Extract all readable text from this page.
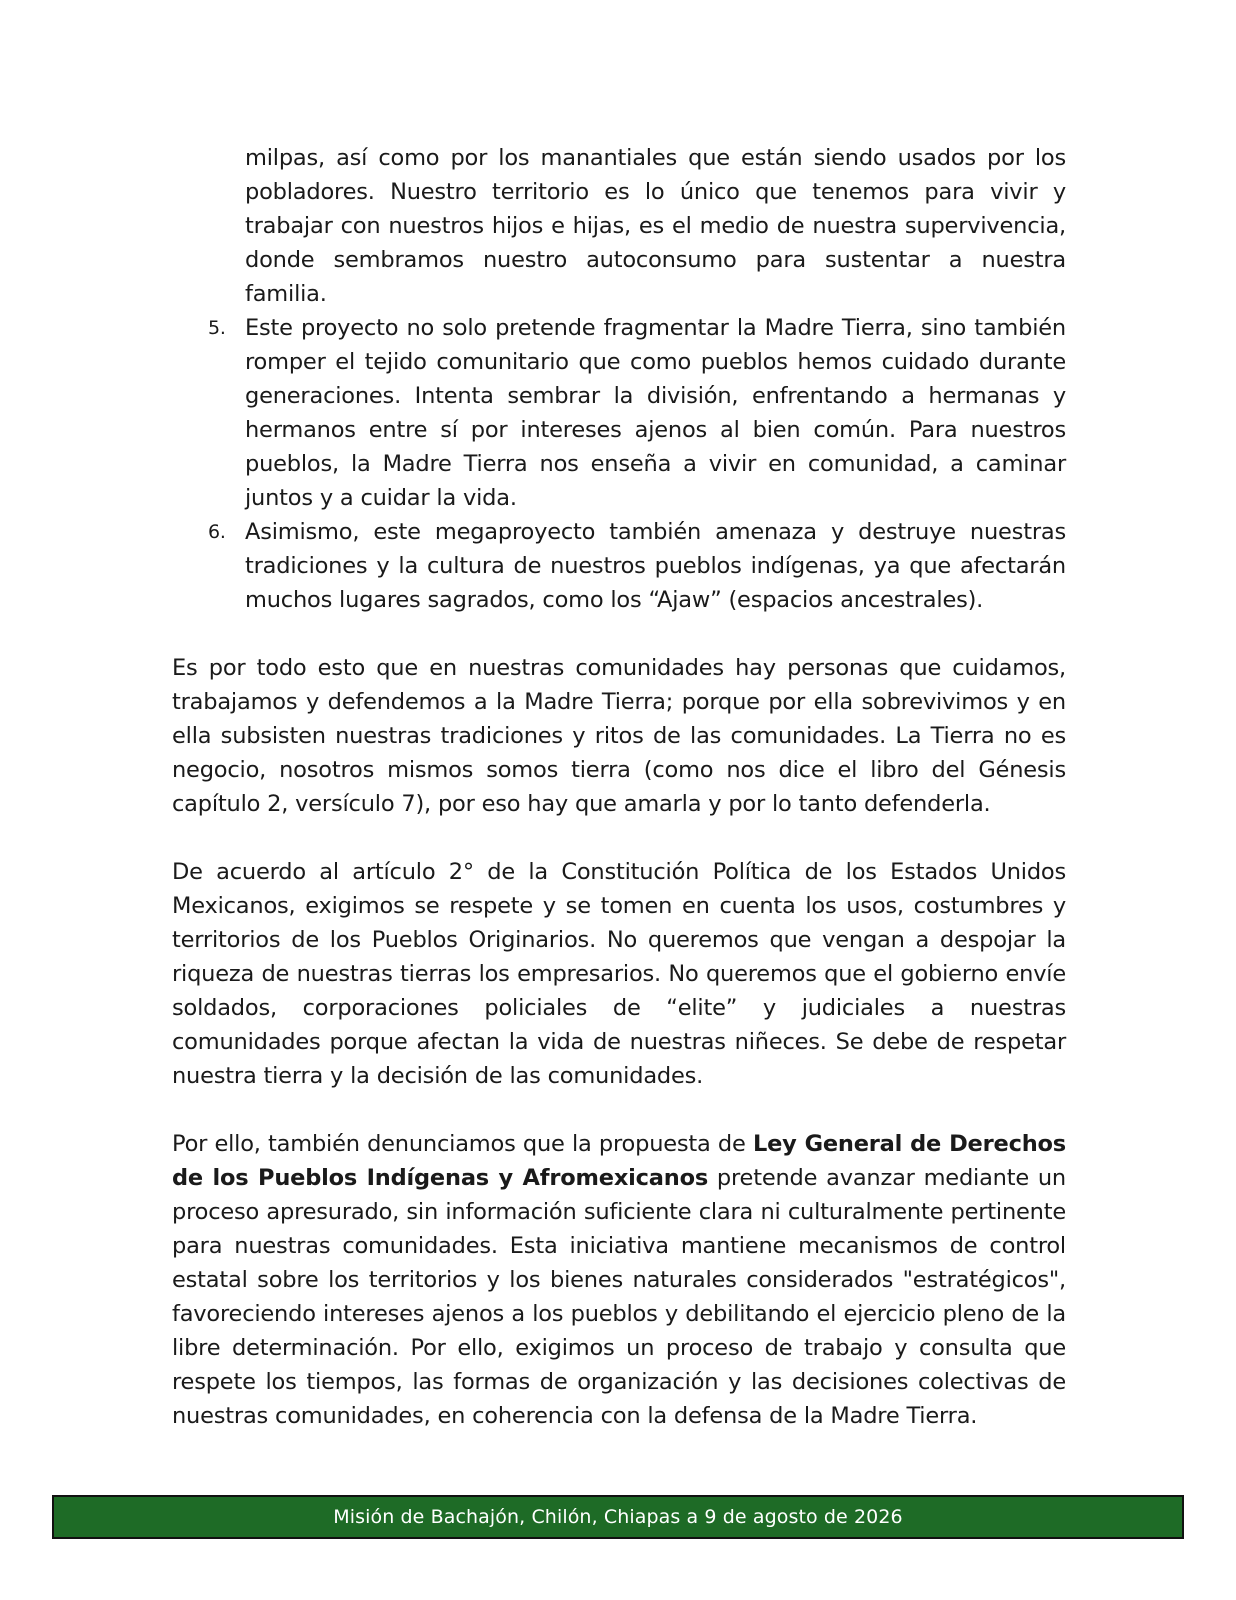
milpas, así como por los manantiales que están siendo usados por los pobladores. Nuestro territorio es lo único que tenemos para vivir y trabajar con nuestros hijos e hijas, es el medio de nuestra supervivencia, donde sembramos nuestro autoconsumo para sustentar a nuestra familia.

5. Este proyecto no solo pretende fragmentar la Madre Tierra, sino también romper el tejido comunitario que como pueblos hemos cuidado durante generaciones. Intenta sembrar la división, enfrentando a hermanas y hermanos entre sí por intereses ajenos al bien común. Para nuestros pueblos, la Madre Tierra nos enseña a vivir en comunidad, a caminar juntos y a cuidar la vida.

6. Asimismo, este megaproyecto también amenaza y destruye nuestras tradiciones y la cultura de nuestros pueblos indígenas, ya que afectarán muchos lugares sagrados, como los “Ajaw” (espacios ancestrales).

Es por todo esto que en nuestras comunidades hay personas que cuidamos, trabajamos y defendemos a la Madre Tierra; porque por ella sobrevivimos y en ella subsisten nuestras tradiciones y ritos de las comunidades. La Tierra no es negocio, nosotros mismos somos tierra (como nos dice el libro del Génesis capítulo 2, versículo 7), por eso hay que amarla y por lo tanto defenderla.

De acuerdo al artículo 2° de la Constitución Política de los Estados Unidos Mexicanos, exigimos se respete y se tomen en cuenta los usos, costumbres y territorios de los Pueblos Originarios. No queremos que vengan a despojar la riqueza de nuestras tierras los empresarios. No queremos que el gobierno envíe soldados, corporaciones policiales de “elite” y judiciales a nuestras comunidades porque afectan la vida de nuestras niñeces. Se debe de respetar nuestra tierra y la decisión de las comunidades.

Por ello, también denunciamos que la propuesta de Ley General de Derechos de los Pueblos Indígenas y Afromexicanos pretende avanzar mediante un proceso apresurado, sin información suficiente clara ni culturalmente pertinente para nuestras comunidades. Esta iniciativa mantiene mecanismos de control estatal sobre los territorios y los bienes naturales considerados "estratégicos", favoreciendo intereses ajenos a los pueblos y debilitando el ejercicio pleno de la libre determinación. Por ello, exigimos un proceso de trabajo y consulta que respete los tiempos, las formas de organización y las decisiones colectivas de nuestras comunidades, en coherencia con la defensa de la Madre Tierra.

Misión de Bachajón, Chilón, Chiapas a 9 de agosto de 2026
